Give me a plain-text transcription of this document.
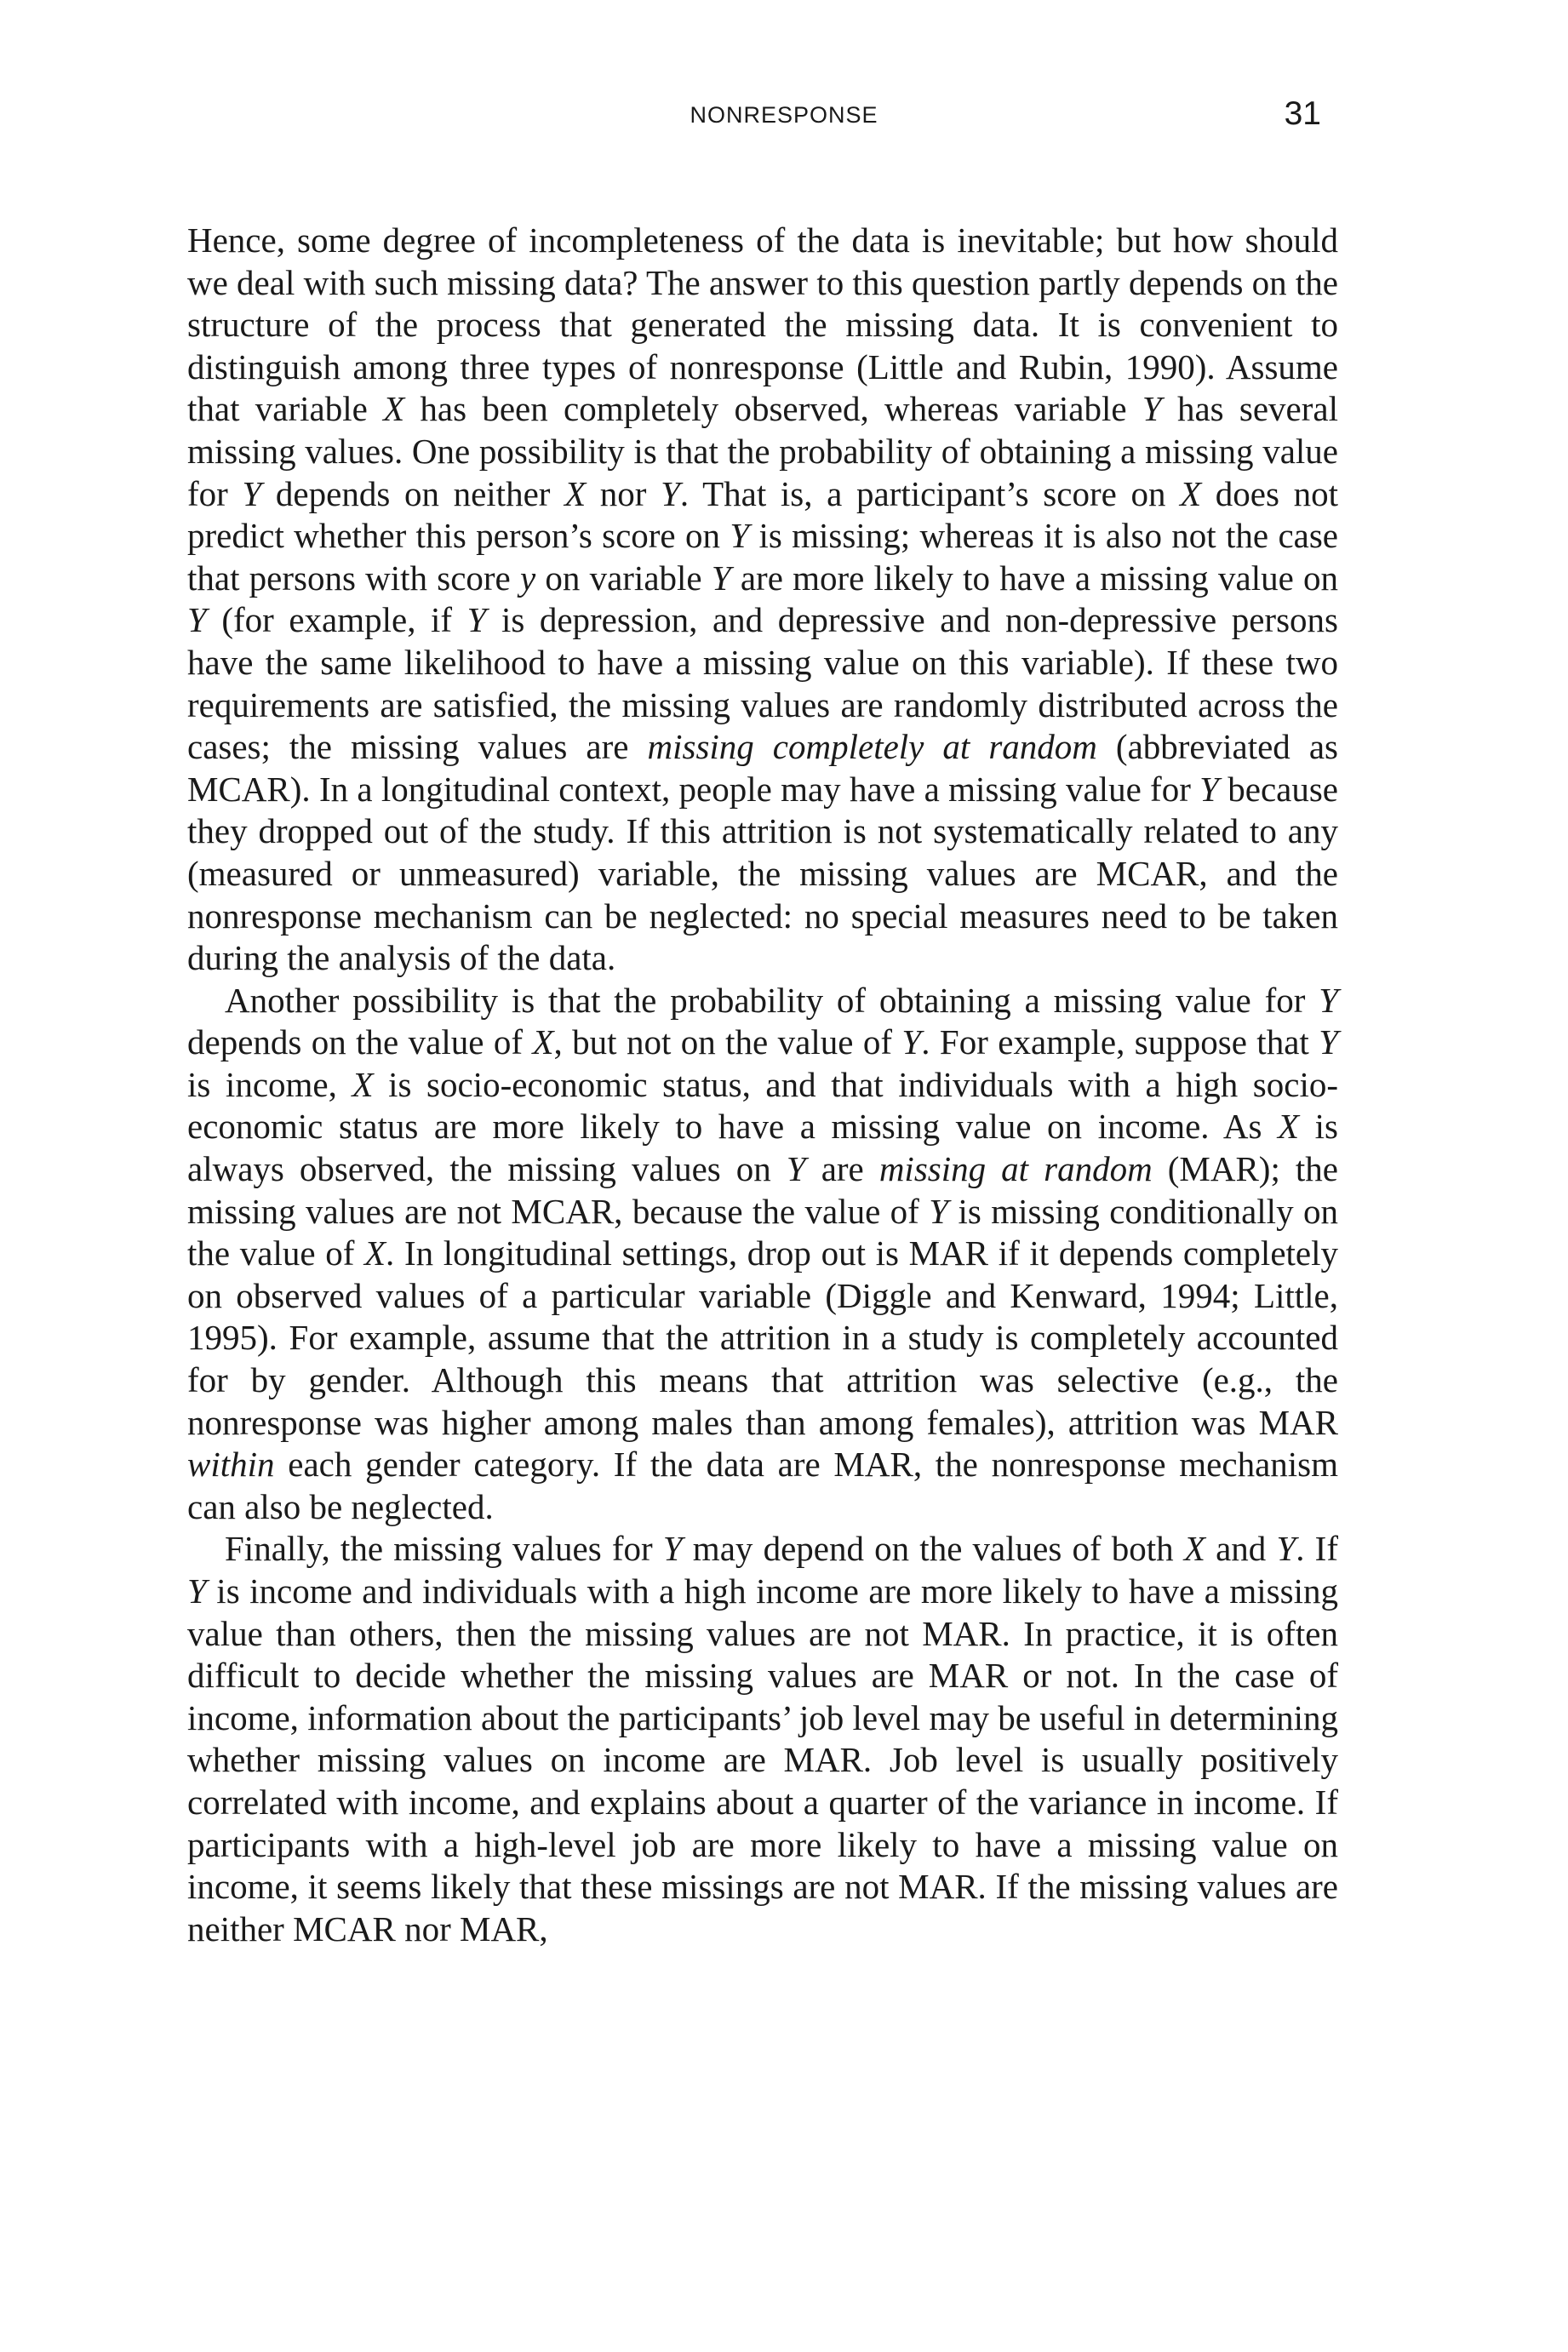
NONRESPONSE	31

Hence, some degree of incompleteness of the data is inevitable; but how should we deal with such missing data? The answer to this question partly depends on the structure of the process that generated the missing data. It is convenient to distinguish among three types of nonresponse (Little and Rubin, 1990). Assume that variable X has been completely observed, whereas variable Y has several missing values. One possibility is that the probability of obtaining a missing value for Y depends on neither X nor Y. That is, a participant’s score on X does not predict whether this person’s score on Y is missing; whereas it is also not the case that persons with score y on variable Y are more likely to have a missing value on Y (for example, if Y is depression, and depressive and non-depressive persons have the same likelihood to have a missing value on this variable). If these two requirements are satisfied, the missing values are randomly distributed across the cases; the missing values are missing completely at random (abbreviated as MCAR). In a longitudinal context, people may have a missing value for Y because they dropped out of the study. If this attrition is not systematically related to any (measured or unmeasured) variable, the missing values are MCAR, and the nonresponse mechanism can be neglected: no special measures need to be taken during the analysis of the data.

Another possibility is that the probability of obtaining a missing value for Y depends on the value of X, but not on the value of Y. For example, suppose that Y is income, X is socio-economic status, and that individuals with a high socio-economic status are more likely to have a missing value on income. As X is always observed, the missing values on Y are missing at random (MAR); the missing values are not MCAR, because the value of Y is missing conditionally on the value of X. In longitudinal settings, drop out is MAR if it depends completely on observed values of a particular variable (Diggle and Kenward, 1994; Little, 1995). For example, assume that the attrition in a study is completely accounted for by gender. Although this means that attrition was selective (e.g., the nonresponse was higher among males than among females), attrition was MAR within each gender category. If the data are MAR, the nonresponse mechanism can also be neglected.

Finally, the missing values for Y may depend on the values of both X and Y. If Y is income and individuals with a high income are more likely to have a missing value than others, then the missing values are not MAR. In practice, it is often difficult to decide whether the missing values are MAR or not. In the case of income, information about the participants’ job level may be useful in determining whether missing values on income are MAR. Job level is usually positively correlated with income, and explains about a quarter of the variance in income. If participants with a high-level job are more likely to have a missing value on income, it seems likely that these missings are not MAR. If the missing values are neither MCAR nor MAR,
